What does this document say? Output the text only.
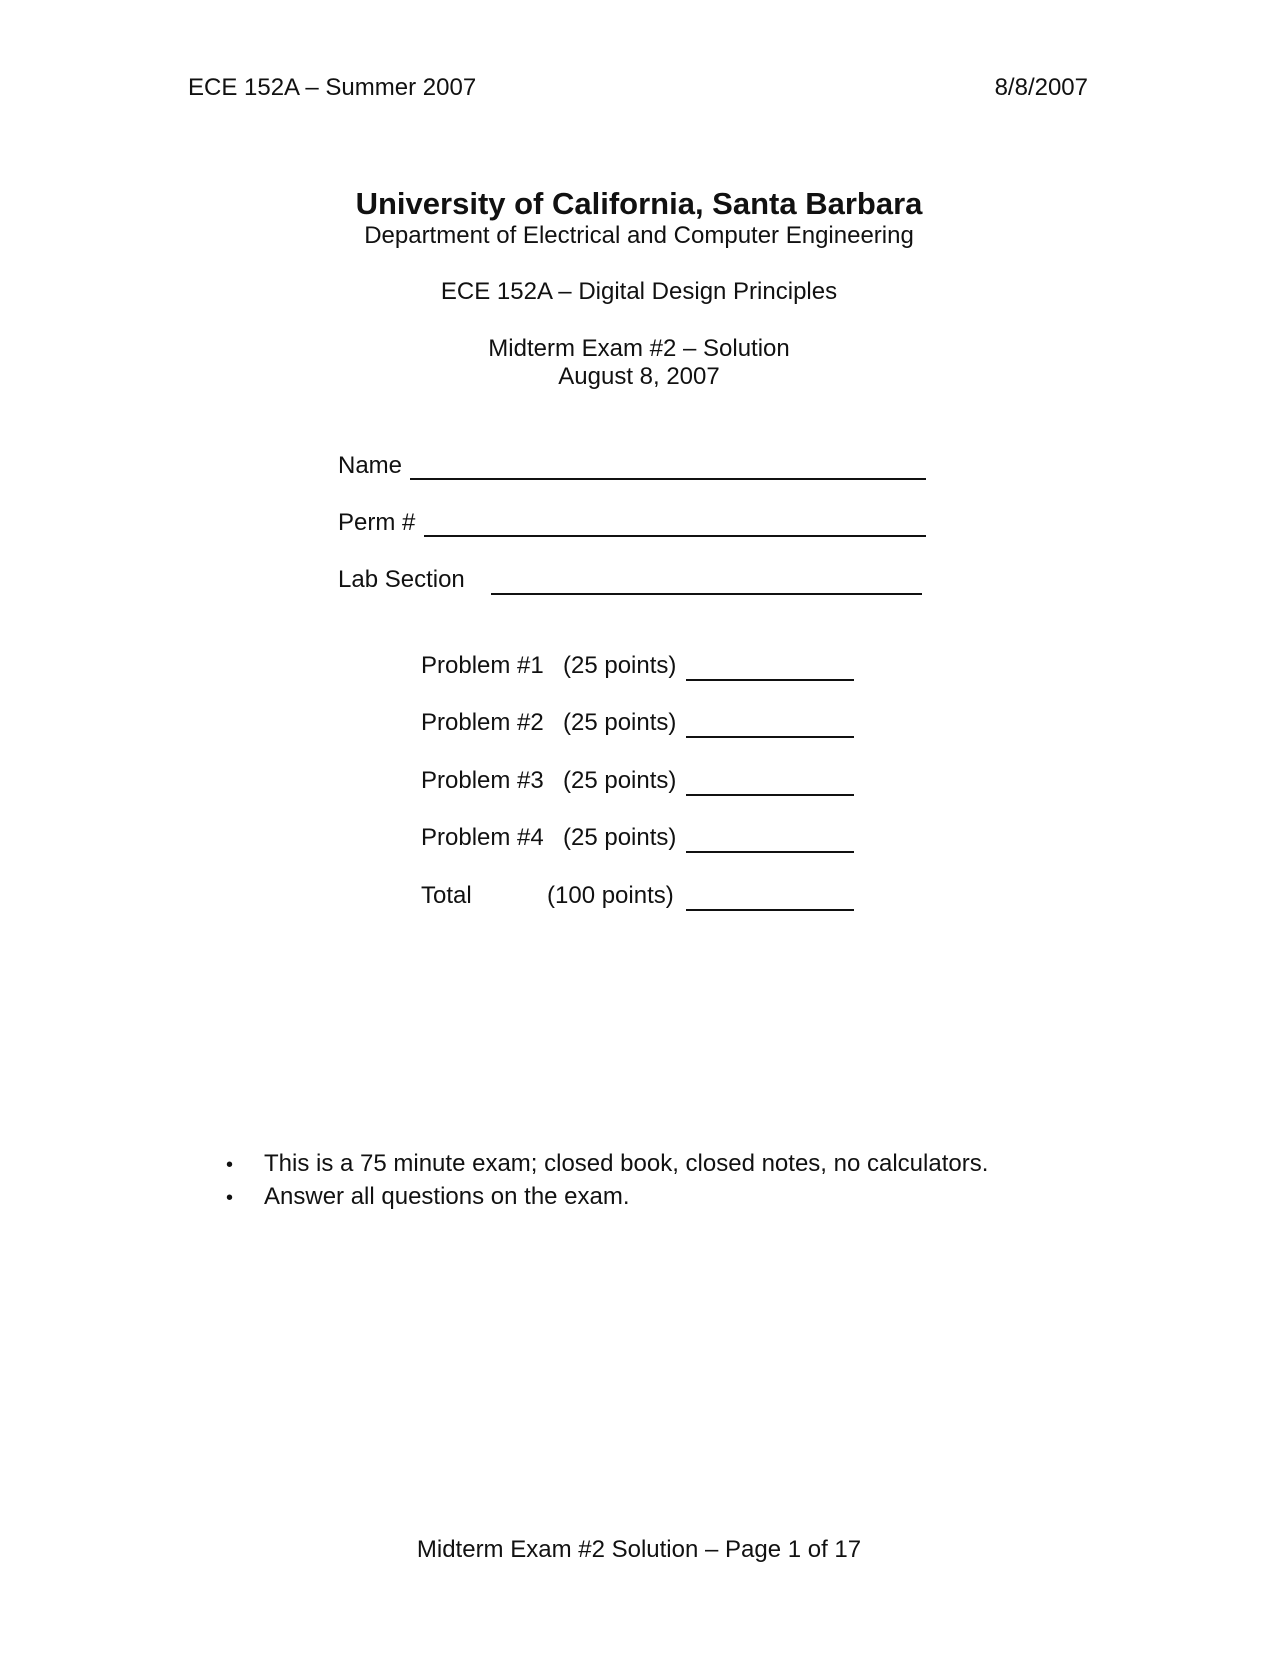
ECE 152A – Summer 2007	8/8/2007
University of California, Santa Barbara
Department of Electrical and Computer Engineering
ECE 152A – Digital Design Principles
Midterm Exam #2 – Solution
August 8, 2007
Name
Perm #
Lab Section
Problem #1 (25 points)
Problem #2 (25 points)
Problem #3 (25 points)
Problem #4 (25 points)
Total	(100 points)
•	This is a 75 minute exam; closed book, closed notes, no calculators.
•	Answer all questions on the exam.
Midterm Exam #2 Solution – Page 1 of 17
